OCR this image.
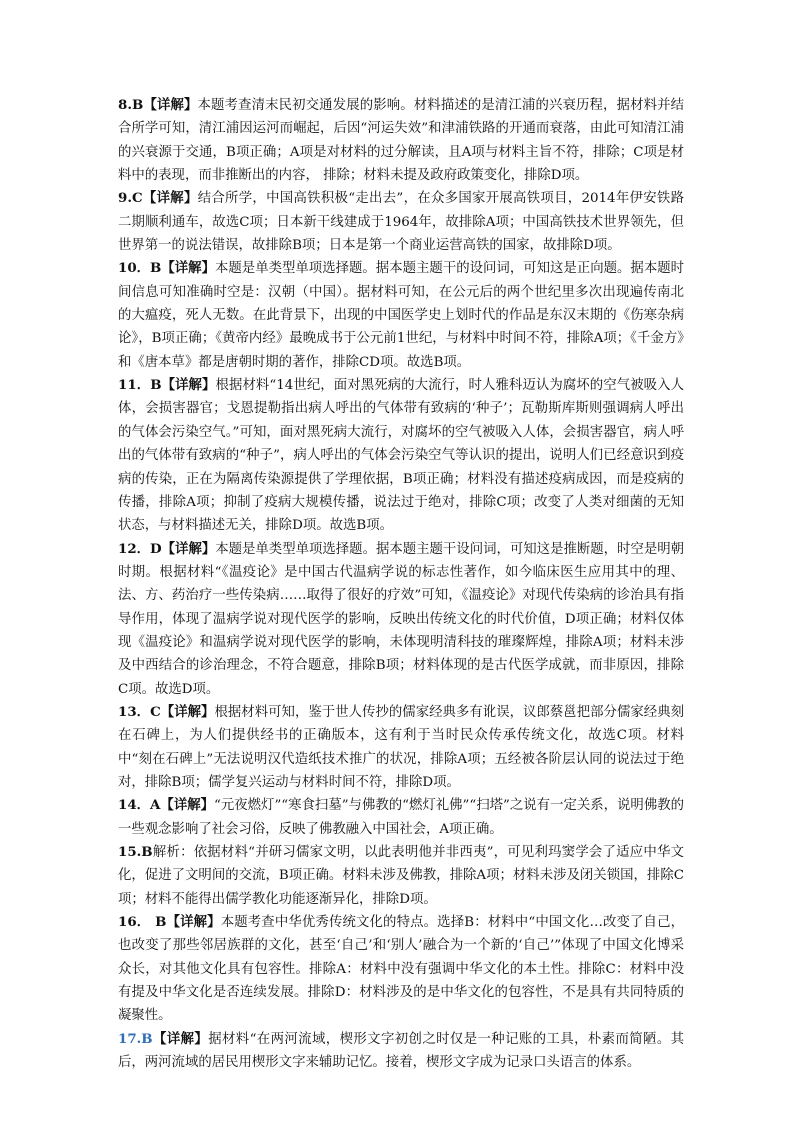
8.B【详解】本题考查清末民初交通发展的影响。材料描述的是清江浦的兴衰历程，据材料并结合所学可知，清江浦因运河而崛起，后因“河运失效”和津浦铁路的开通而衰落，由此可知清江浦的兴衰源于交通，B项正确；A项是对材料的过分解读，且A项与材料主旨不符，排除；C项是材料中的表现，而非推断出的内容， 排除；材料未提及政府政策变化，排除D项。

9.C【详解】结合所学，中国高铁积极“走出去”，在众多国家开展高铁项目，2014年伊安铁路二期顺利通车，故选C项；日本新干线建成于1964年，故排除A项；中国高铁技术世界领先，但世界第一的说法错误，故排除B项；日本是第一个商业运营高铁的国家，故排除D项。

10．B【详解】本题是单类型单项选择题。据本题主题干的设问词，可知这是正向题。据本题时间信息可知准确时空是：汉朝（中国）。据材料可知，在公元后的两个世纪里多次出现遍传南北的大瘟疫，死人无数。在此背景下，出现的中国医学史上划时代的作品是东汉末期的《伤寒杂病论》，B项正确；《黄帝内经》最晚成书于公元前1世纪，与材料中时间不符，排除A项；《千金方》和《唐本草》都是唐朝时期的著作，排除CD项。故选B项。

11．B【详解】根据材料“14世纪，面对黑死病的大流行，时人雅科迈认为腐坏的空气被吸入人体，会损害器官；戈恩提勒指出病人呼出的气体带有致病的‘种子’；瓦勒斯库斯则强调病人呼出的气体会污染空气。”可知，面对黑死病大流行，对腐坏的空气被吸入人体，会损害器官，病人呼出的气体带有致病的“种子”，病人呼出的气体会污染空气等认识的提出，说明人们已经意识到疫病的传染，正在为隔离传染源提供了学理依据，B项正确；材料没有描述疫病成因，而是疫病的传播，排除A项；抑制了疫病大规模传播，说法过于绝对，排除C项；改变了人类对细菌的无知状态，与材料描述无关，排除D项。故选B项。

12．D【详解】本题是单类型单项选择题。据本题主题干设问词，可知这是推断题，时空是明朝时期。根据材料“《温疫论》是中国古代温病学说的标志性著作，如今临床医生应用其中的理、法、方、药治疗一些传染病……取得了很好的疗效”可知，《温疫论》对现代传染病的诊治具有指导作用，体现了温病学说对现代医学的影响，反映出传统文化的时代价值，D项正确；材料仅体现《温疫论》和温病学说对现代医学的影响，未体现明清科技的璀璨辉煌，排除A项；材料未涉及中西结合的诊治理念，不符合题意，排除B项；材料体现的是古代医学成就，而非原因，排除C项。故选D项。

13．C【详解】根据材料可知，鉴于世人传抄的儒家经典多有讹误，议郎蔡邕把部分儒家经典刻在石碑上，为人们提供经书的正确版本，这有利于当时民众传承传统文化，故选C项。材料中“刻在石碑上”无法说明汉代造纸技术推广的状况，排除A项；五经被各阶层认同的说法过于绝对，排除B项；儒学复兴运动与材料时间不符，排除D项。

14．A【详解】“元夜燃灯”“寒食扫墓”与佛教的“燃灯礼佛”“扫塔”之说有一定关系，说明佛教的一些观念影响了社会习俗，反映了佛教融入中国社会，A项正确。

15.B解析：依据材料“并研习儒家文明，以此表明他并非西夷”，可见利玛窦学会了适应中华文化，促进了文明间的交流，B项正确。材料未涉及佛教，排除A项；材料未涉及闭关锁国，排除C项；材料不能得出儒学教化功能逐渐异化，排除D项。

16． B【详解】本题考查中华优秀传统文化的特点。选择B：材料中“中国文化…改变了自己，也改变了那些邻居族群的文化，甚至‘自己’和‘别人’融合为一个新的‘自己’”体现了中国文化博采众长，对其他文化具有包容性。排除A：材料中没有强调中华文化的本土性。排除C：材料中没有提及中华文化是否连续发展。排除D：材料涉及的是中华文化的包容性，不是具有共同特质的凝聚性。

17.B【详解】据材料“在两河流域，楔形文字初创之时仅是一种记账的工具，朴素而简陋。其后，两河流域的居民用楔形文字来辅助记忆。接着，楔形文字成为记录口头语言的体系。
